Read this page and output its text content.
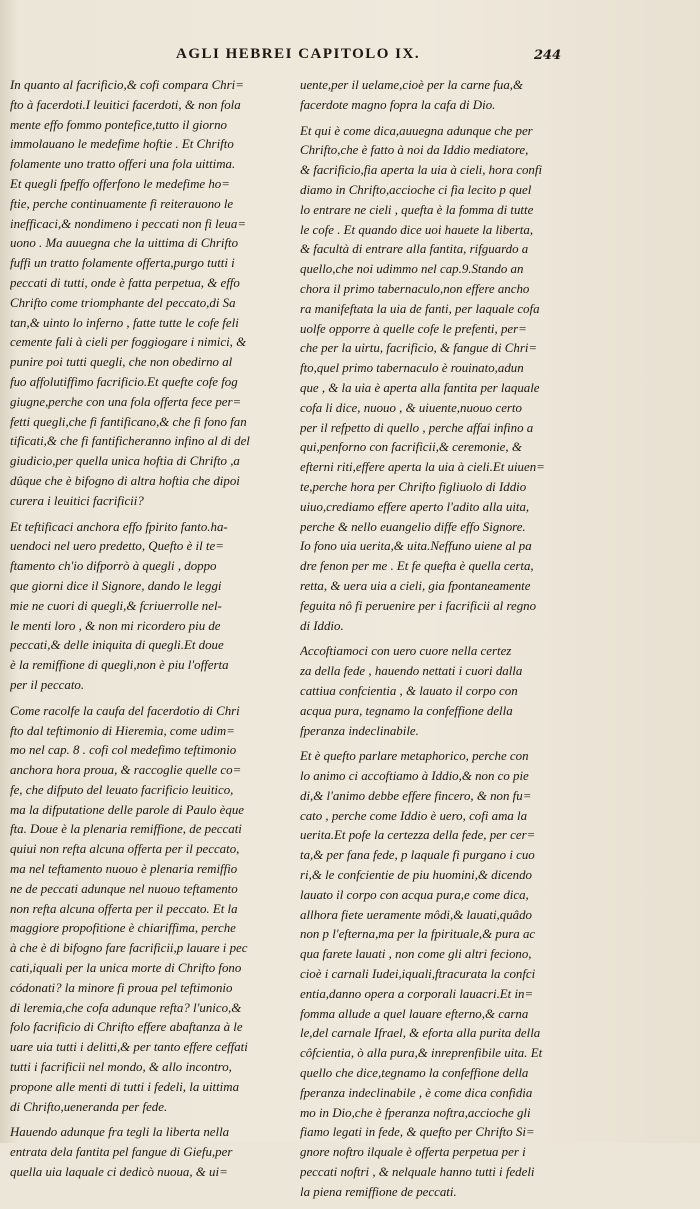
AGLI HEBREI CAPITOLO IX.	244
In quanto al facrificio,& cofi compara Chri=
fto à facerdoti.I leuitici facerdoti, & non fola
mente effo fommo pontefice,tutto il giorno
immolauano le medefime hoftie . Et Chrifto
folamente uno tratto offeri una fola uittima.
Et quegli fpeffo offerfono le medefime ho=
ftie, perche continuamente fi reiterauono le
inefficaci,& nondimeno i peccati non fi leua=
uono . Ma auuegna che la uittima di Chrifto
fuffi un tratto folamente offerta,purgo tutti i
peccati di tutti, onde è fatta perpetua, & effo
Chrifto come triomphante del peccato,di Sa
tan,& uinto lo inferno , fatte tutte le cofe feli
cemente fali à cieli per foggiogare i nimici, &
punire poi tutti quegli, che non obedirno al
fuo affolutiffimo facrificio.Et quefte cofe fog
giugne,perche con una fola offerta fece per=
fetti quegli,che fi fantificano,& che fi fono fan
tificati,& che fi fantificheranno infino al di del
giudicio,per quella unica hoftia di Chrifto ,a
dûque che è bifogno di altra hoftia che dipoi
curera i leuitici facrificii?
Et teftificaci anchora effo fpirito fanto.ha-
uendoci nel uero predetto, Quefto è il te=
ftamento ch'io difporrò à quegli , doppo
que giorni dice il Signore, dando le leggi
mie ne cuori di quegli,& fcriuerrolle nel-
le menti loro , & non mi ricordero piu de
peccati,& delle iniquita di quegli.Et doue
è la remiffione di quegli,non è piu l'offerta
per il peccato.
Come racolfe la caufa del facerdotio di Chri
fto dal teftimonio di Hieremia, come udim=
mo nel cap. 8 . cofi col medefimo teftimonio
anchora hora proua, & raccoglie quelle co=
fe, che difputo del leuato facrificio leuitico,
ma la difputatione delle parole di Paulo èque
fta. Doue è la plenaria remiffione, de peccati
quiui non refta alcuna offerta per il peccato,
ma nel teftamento nuouo è plenaria remiffio
ne de peccati adunque nel nuouo teftamento
non refta alcuna offerta per il peccato. Et la
maggiore propofitione è chiariffima, perche
à che è di bifogno fare facrificii,p lauare i pec
cati,iquali per la unica morte di Chrifto fono
códonati? la minore fi proua pel teftimonio
di leremia,che cofa adunque refta? l'unico,&
folo facrificio di Chrifto effere abaftanza à le
uare uia tutti i delitti,& per tanto effere ceffati
tutti i facrificii nel mondo, & allo incontro,
propone alle menti di tutti i fedeli, la uittima
di Chrifto,ueneranda per fede.
Hauendo adunque fra tegli la liberta nella
entrata dela fantita pel fangue di Giefu,per
quella uia laquale ci dedicò nuoua, & ui=
uente,per il uelame,cioè per la carne fua,&
facerdote magno fopra la cafa di Dio.
Et qui è come dica,auuegna adunque che per
Chrifto,che è fatto à noi da Iddio mediatore,
& facrificio,fia aperta la uia à cieli, hora confi
diamo in Chrifto,accioche ci fia lecito p quel
lo entrare ne cieli , quefta è la fomma di tutte
le cofe . Et quando dice uoi hauete la liberta,
& facultà di entrare alla fantita, rifguardo a
quello,che noi udimmo nel cap.9.Stando an
chora il primo tabernaculo,non effere ancho
ra manifeftata la uia de fanti, per laquale cofa
uolfe opporre à quelle cofe le prefenti, per=
che per la uirtu, facrificio, & fangue di Chri=
fto,quel primo tabernaculo è rouinato,adun
que , & la uia è aperta alla fantita per laquale
cofa li dice, nuouo , & uiuente,nuouo certo
per il refpetto di quello , perche affai infino a
qui,penforno con facrificii,& ceremonie, &
efterni riti,effere aperta la uia à cieli.Et uiuen=
te,perche hora per Chrifto figliuolo di Iddio
uiuo,crediamo effere aperto l'adito alla uita,
perche & nello euangelio diffe effo Signore.
Io fono uia uerita,& uita.Neffuno uiene al pa
dre fenon per me . Et fe quefta è quella certa,
retta, & uera uia a cieli, gia fpontaneamente
feguita nô fi peruenire per i facrificii al regno
di Iddio.
Accoftiamoci con uero cuore nella certez
za della fede , hauendo nettati i cuori dalla
cattiua confcientia , & lauato il corpo con
acqua pura, tegnamo la confeffione della
fperanza indeclinabile.
Et è quefto parlare metaphorico, perche con
lo animo ci accoftiamo à Iddio,& non co pie
di,& l'animo debbe effere fincero, & non fu=
cato , perche come Iddio è uero, cofi ama la
uerita.Et pofe la certezza della fede, per cer=
ta,& per fana fede, p laquale fi purgano i cuo
ri,& le confcientie de piu huomini,& dicendo
lauato il corpo con acqua pura,e come dica,
allhora fiete ueramente môdi,& lauati,quâdo
non p l'efterna,ma per la fpirituale,& pura ac
qua farete lauati , non come gli altri feciono,
cioè i carnali Iudei,iquali,ftracurata la confci
entia,danno opera a corporali lauacri.Et in=
fomma allude a quel lauare efterno,& carna
le,del carnale Ifrael, & eforta alla purita della
côfcientia, ò alla pura,& inreprenfibile uita. Et
quello che dice,tegnamo la confeffione della
fperanza indeclinabile , è come dica confidia
mo in Dio,che è fperanza noftra,accioche gli
fiamo legati in fede, & quefto per Chrifto Si=
gnore noftro ilquale è offerta perpetua per i
peccati noftri , & nelquale hanno tutti i fedeli
la piena remiffione de peccati.
